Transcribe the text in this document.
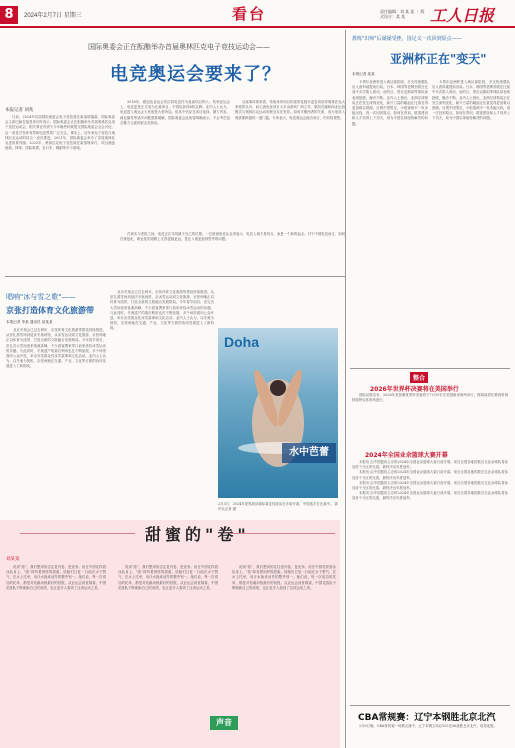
8	2024年2月7日 星期三	看台	责任编辑：刘 某 某 ｜ 版式设计：某 某	工人日报
国际奥委会正在酝酿举办首届奥林匹克电子竞技运动会——
电竞奥运会要来了？
本报记者 刘兆

日前，2024年首届国际奥委会电子竞技周在新加坡落幕。国际奥委会主席巴赫在接受采访时表示，国际奥委会正在酝酿举办首届奥林匹克电子竞技运动会，相关事宜有望于今年晚些时候提交国际奥委会全会讨论。这一消息引发体育界和电竞界的广泛关注。事实上，近年来电子竞技与奥林匹克运动的结合一直在推进。2021年，国际奥委会举办了首届奥林匹克虚拟系列赛；2023年，奥林匹克电子竞技周在新加坡举行，项目涵盖射箭、棒球、国际象棋、自行车、舞蹈等多个领域。

2018年，雅加达亚运会首次将电竞作为表演项目纳入；杭州亚运会上，电竞更是正式成为比赛项目，中国队获得4枚金牌。业内人士认为，电竞进入奥运会大家庭是大势所趋，但其中仍存在项目选择、暴力内容、商业属性等诸多问题需要破解。国际奥委会此前曾明确表示，不会考虑包含暴力元素的射击类游戏。

从赛事体系来看，传统体育项目的虚拟化版本更容易获得奥林匹克大家庭的认可。而主流电竞项目大多由游戏厂商主导，版权归属和商业运营模式与奥林匹克运动的理念存在差异。如何平衡两者的关系，成为电竞入奥需要跨越的一道门槛。专家表示，电竞奥运会能否成行，仍有待观察。

在现实与虚拟之间，电竞正在寻找属于自己的位置。一位资深电竞从业者表示，电竞入奥不是终点，而是一个新的起点。对于中国电竞而言，如何在规范化、职业化的道路上走得更稳更远，是比入奥更值得思考的问题。

唱响"冰与雪之歌"——
京张打造体育文化旅游带
本报记者 李某 通讯员 某某某

北京冬奥会已过去两年，京张体育文化旅游带建设持续推进。从崇礼滑雪场到延庆冬奥场馆，从冰雪运动到文化旅游，京张两地正以体育为纽带，打造全新的文旅融合发展格局。今年春节前后，崇礼各大雪场迎来客流高峰，不少游客携家带口前来体验冰雪运动的乐趣。与此同时，冬奥遗产的赛后利用也在不断拓展，多个场馆面向公众开放，举办各类群众性冰雪赛事和文化活动。业内人士认为，以冬奥为契机，京张两地在交通、产业、文化等方面的协同发展进入了新阶段。

北京冬奥会已过去两年，京张体育文化旅游带建设持续推进。从崇礼滑雪场到延庆冬奥场馆，从冰雪运动到文化旅游，京张两地正以体育为纽带，打造全新的文旅融合发展格局。今年春节前后，崇礼各大雪场迎来客流高峰，不少游客携家带口前来体验冰雪运动的乐趣。与此同时，冬奥遗产的赛后利用也在不断拓展，多个场馆面向公众开放，举办各类群众性冰雪赛事和文化活动。业内人士认为，以冬奥为契机，京张两地在交通、产业、文化等方面的协同发展进入了新阶段。

Doha
水中芭蕾
2月3日，2024年世界游泳锦标赛花样游泳在多哈开赛，中国选手在比赛中。 新华社记者 摄
甜蜜的"卷"
刘某某

说到"卷"，我们想到的往往是内卷、是竞争。但在中国花样游泳队身上，"卷"却有着别样的甜蜜。姑娘们日复一日地在水下憋气、在水上托举，用汗水换来动作的整齐划一。她们说，每一次成功的托举，都是对枯燥训练最好的回报。从亚运会到世锦赛，中国花游队不断刷新自己的成绩，也让更多人看到了这项运动之美。

说到"卷"，我们想到的往往是内卷、是竞争。但在中国花样游泳队身上，"卷"却有着别样的甜蜜。姑娘们日复一日地在水下憋气、在水上托举，用汗水换来动作的整齐划一。她们说，每一次成功的托举，都是对枯燥训练最好的回报。从亚运会到世锦赛，中国花游队不断刷新自己的成绩，也让更多人看到了这项运动之美。

说到"卷"，我们想到的往往是内卷、是竞争。但在中国花样游泳队身上，"卷"却有着别样的甜蜜。姑娘们日复一日地在水下憋气、在水上托举，用汗水换来动作的整齐划一。她们说，每一次成功的托举，都是对枯燥训练最好的回报。从亚运会到世锦赛，中国花游队不断刷新自己的成绩，也让更多人看到了这项运动之美。

声音
教练"出师"后屡屡受挫，国足又一次回到原点——
亚洲杯正在"变天"
本报记者 某某

卡塔尔亚洲杯进入淘汰赛阶段，多支传统强队出人意料地提前出局。日本、韩国等老牌劲旅在比赛中多次陷入被动，而约旦、塔吉克斯坦等球队却表现抢眼，爆冷不断。业内人士指出，亚洲足球格局正在发生深刻变化，新兴力量的崛起让比赛变得更加难以预测。反观中国男足，小组赛两平一负未能出线，再一次回到原点。如何在青训、联赛建设和人才培养上下功夫，成为中国足球亟待解决的问题。

卡塔尔亚洲杯进入淘汰赛阶段，多支传统强队出人意料地提前出局。日本、韩国等老牌劲旅在比赛中多次陷入被动，而约旦、塔吉克斯坦等球队却表现抢眼，爆冷不断。业内人士指出，亚洲足球格局正在发生深刻变化，新兴力量的崛起让比赛变得更加难以预测。反观中国男足，小组赛两平一负未能出线，再一次回到原点。如何在青训、联赛建设和人才培养上下功夫，成为中国足球亟待解决的问题。

整合
2026年世界杯决赛将在美国举行

国际足联宣布，2026年美加墨世界杯决赛将于7月19日在美国新泽西州举行，揭幕战将在墨西哥城阿兹特克体育场进行。

2024年全国业余篮球大赛开幕

本报讯 由中国篮协主办的2024年全国业余篮球大赛日前开幕，来自全国各地的数百支业余球队将参加各个分区的比赛，最终决出年度冠军。

本报讯 由中国篮协主办的2024年全国业余篮球大赛日前开幕，来自全国各地的数百支业余球队将参加各个分区的比赛，最终决出年度冠军。

本报讯 由中国篮协主办的2024年全国业余篮球大赛日前开幕，来自全国各地的数百支业余球队将参加各个分区的比赛，最终决出年度冠军。

本报讯 由中国篮协主办的2024年全国业余篮球大赛日前开幕，来自全国各地的数百支业余球队将参加各个分区的比赛，最终决出年度冠军。

CBA常规赛：辽宁本钢胜北京北汽

2月6日晚，CBA常规赛一场焦点战中，辽宁本钢主场以102比96战胜北京北汽，取得连胜。
